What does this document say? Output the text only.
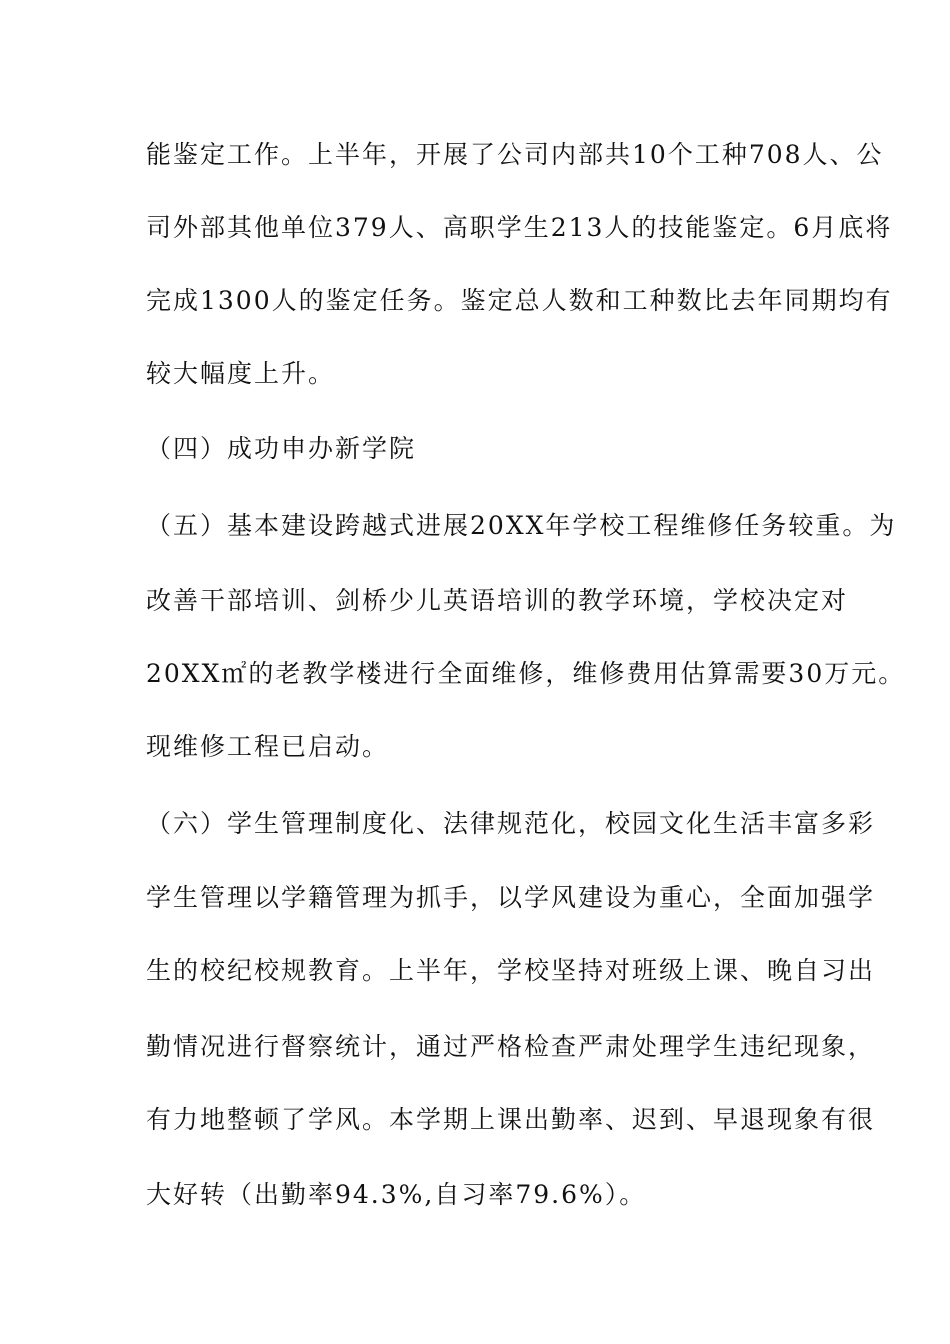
能鉴定工作。上半年，开展了公司内部共10个工种708人、公
司外部其他单位379人、高职学生213人的技能鉴定。6月底将
完成1300人的鉴定任务。鉴定总人数和工种数比去年同期均有
较大幅度上升。
（四）成功申办新学院
（五）基本建设跨越式进展20XX年学校工程维修任务较重。为
改善干部培训、剑桥少儿英语培训的教学环境，学校决定对
20XX㎡的老教学楼进行全面维修，维修费用估算需要30万元。
现维修工程已启动。
（六）学生管理制度化、法律规范化，校园文化生活丰富多彩
学生管理以学籍管理为抓手，以学风建设为重心，全面加强学
生的校纪校规教育。上半年，学校坚持对班级上课、晚自习出
勤情况进行督察统计，通过严格检查严肃处理学生违纪现象，
有力地整顿了学风。本学期上课出勤率、迟到、早退现象有很
大好转（出勤率94.3%,自习率79.6%）。
